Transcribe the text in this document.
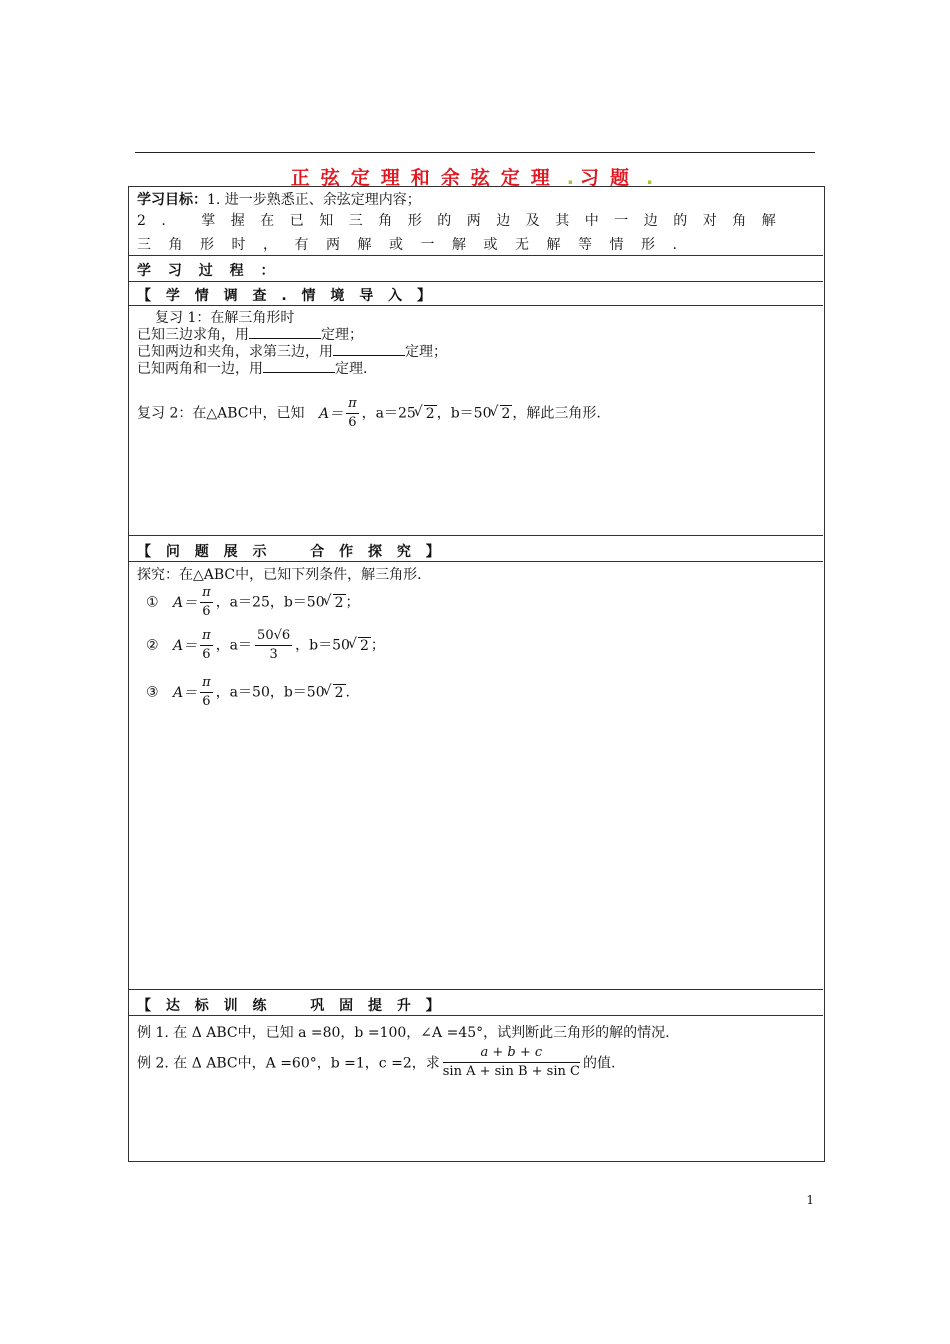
正弦定理和余弦定理 . 习题 .
学习目标：1. 进一步熟悉正、余弦定理内容；
2. 掌握在已知三角形的两边及其中一边的对角解
三角形时，有两解或一解或无解等情形.
学 习 过 程 ：
【 学 情 调 查 . 情 境 导 入 】
复习 1：在解三角形时
已知三边求角，用	定理；
已知两边和夹角，求第三边，用	定理；
已知两角和一边，用	定理.
复习 2：在△ABC中，已知 $A= \frac{\pi}{6}$ ，a＝25 √ 2 ，b＝50 √ 2 ，解此三角形.
【 问 题 展 示 　 合 作 探 究 】
探究：在△ABC中，已知下列条件，解三角形.
① $A= \frac{\pi}{6}$ ，a＝25，b＝50 √ 2 ；
② $A= \frac{\pi}{6}$ ，$a= \frac{50√6}{3}$ ，b＝50 √ 2 ；
③ $A= \frac{\pi}{6}$ ，a＝50，b＝50 √ 2 .
【 达 标 训 练 　 巩 固 提 升 】
例 1. 在 Δ ABC中，已知 a =80，b =100，∠A =45°，试判断此三角形的解的情况.
例 2. 在 Δ ABC中，A =60°，b =1，c =2，求 $\frac{a + b + c}{\text{sin A + sin B + sin C}}$ 的值.
1
